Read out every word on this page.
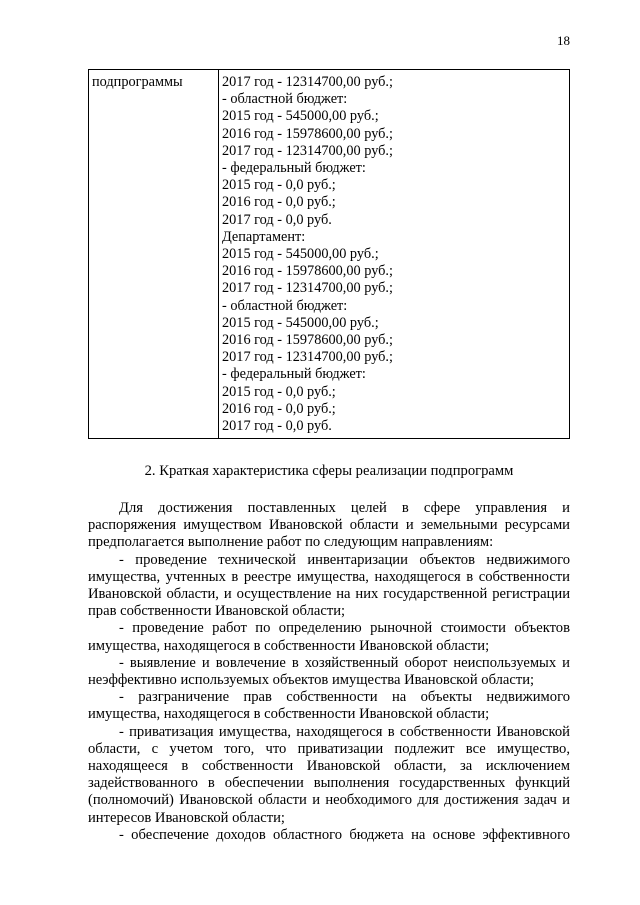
18
подпрограммы	2017 год - 12314700,00 руб.;
- областной бюджет:
2015 год - 545000,00 руб.;
2016 год - 15978600,00 руб.;
2017 год - 12314700,00 руб.;
- федеральный бюджет:
2015 год - 0,0 руб.;
2016 год - 0,0 руб.;
2017 год - 0,0 руб.
Департамент:
2015 год - 545000,00 руб.;
2016 год - 15978600,00 руб.;
2017 год - 12314700,00 руб.;
- областной бюджет:
2015 год - 545000,00 руб.;
2016 год - 15978600,00 руб.;
2017 год - 12314700,00 руб.;
- федеральный бюджет:
2015 год - 0,0 руб.;
2016 год - 0,0 руб.;
2017 год - 0,0 руб.
2. Краткая характеристика сферы реализации подпрограмм

Для достижения поставленных целей в сфере управления и распоряжения имуществом Ивановской области и земельными ресурсами предполагается выполнение работ по следующим направлениям:

- проведение технической инвентаризации объектов недвижимого имущества, учтенных в реестре имущества, находящегося в собственности Ивановской области, и осуществление на них государственной регистрации прав собственности Ивановской области;

- проведение работ по определению рыночной стоимости объектов имущества, находящегося в собственности Ивановской области;

- выявление и вовлечение в хозяйственный оборот неиспользуемых и неэффективно используемых объектов имущества Ивановской области;

- разграничение прав собственности на объекты недвижимого имущества, находящегося в собственности Ивановской области;

- приватизация имущества, находящегося в собственности Ивановской области, с учетом того, что приватизации подлежит все имущество, находящееся в собственности Ивановской области, за исключением задействованного в обеспечении выполнения государственных функций (полномочий) Ивановской области и необходимого для достижения задач и интересов Ивановской области;

- обеспечение доходов областного бюджета на основе эффективного
